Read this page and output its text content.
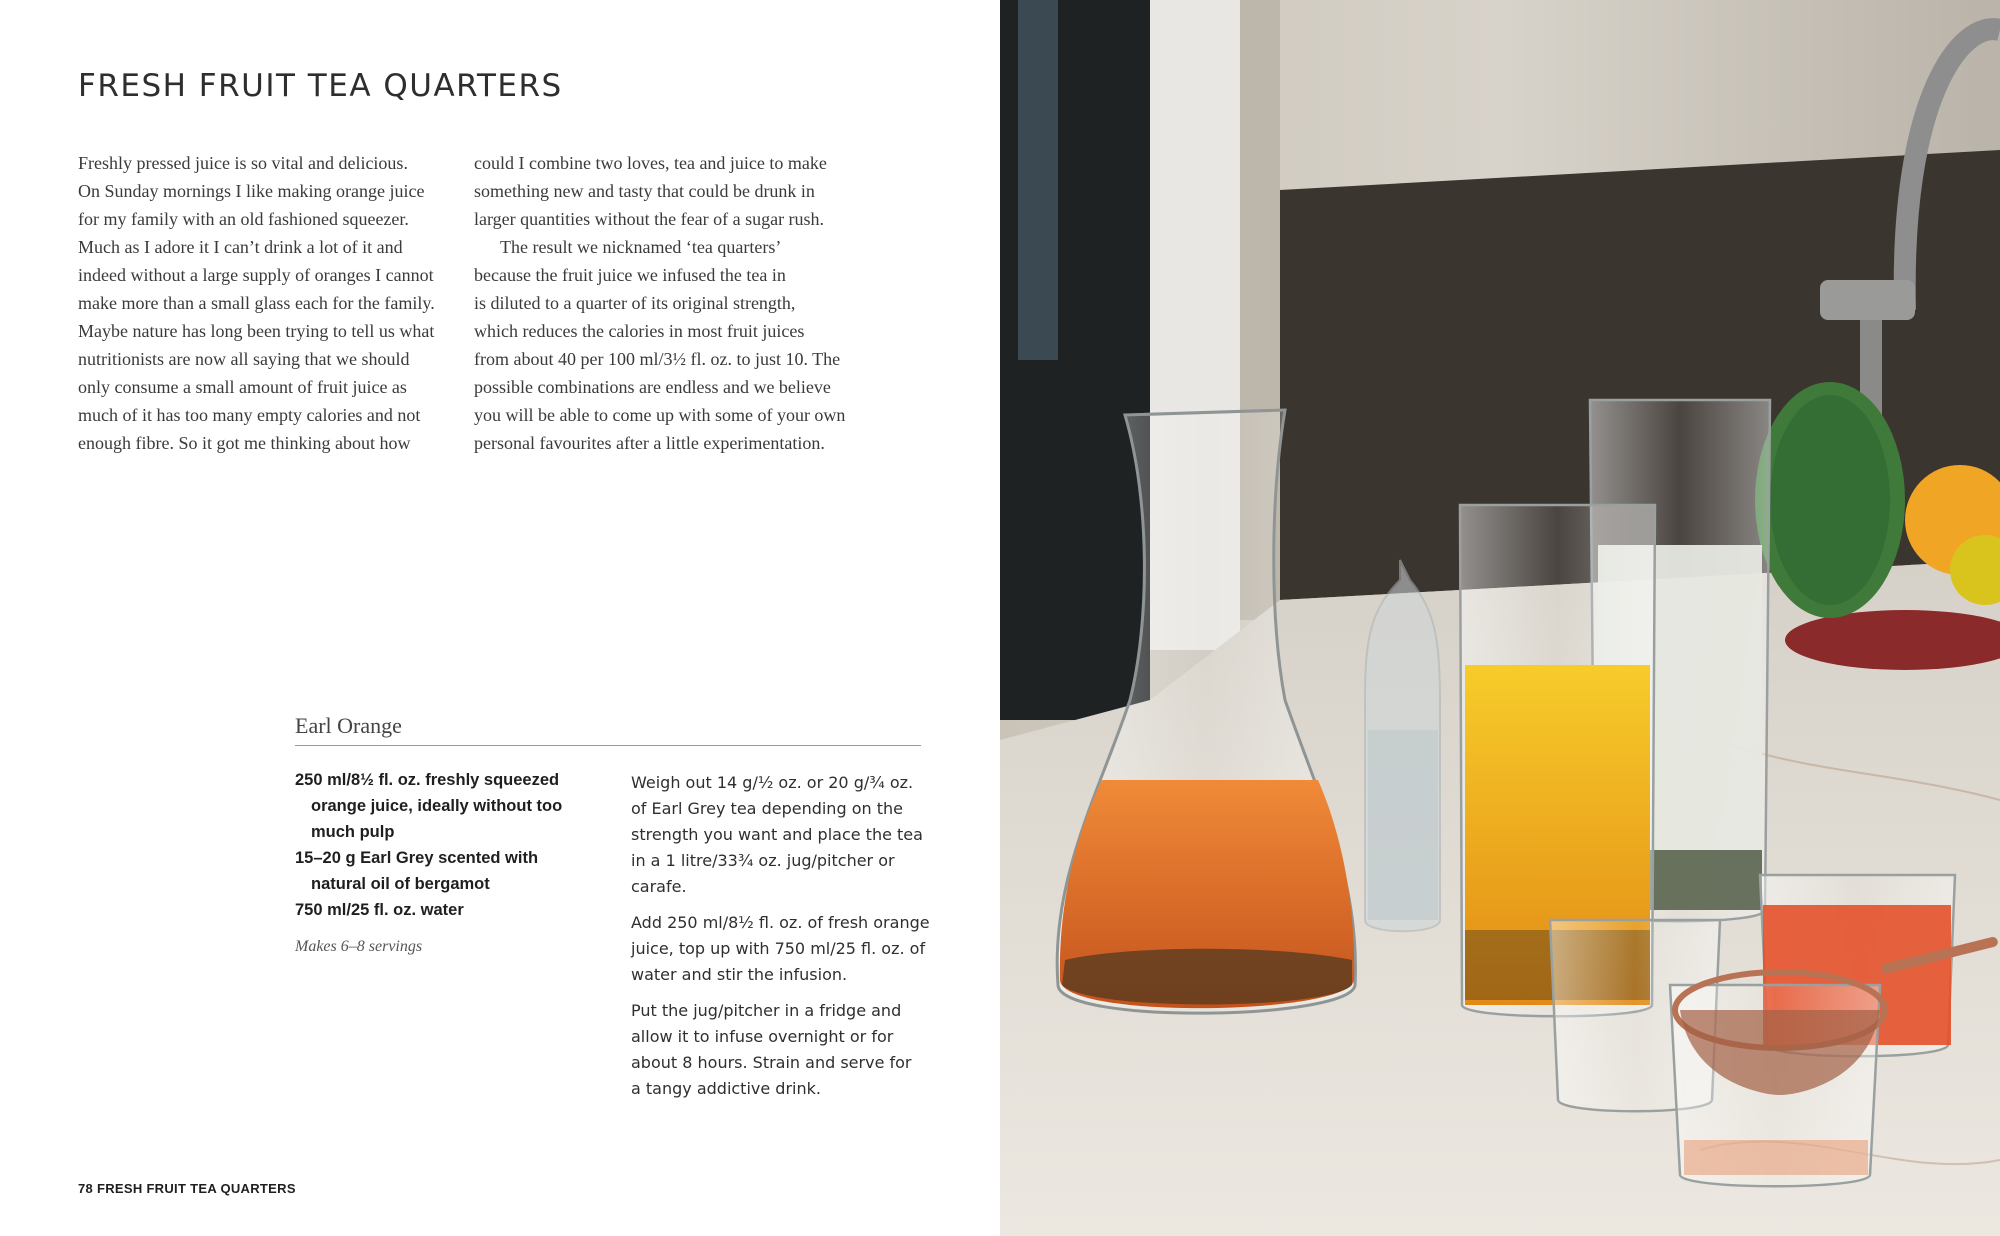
FRESH FRUIT TEA QUARTERS
Freshly pressed juice is so vital and delicious.
On Sunday mornings I like making orange juice
for my family with an old fashioned squeezer.
Much as I adore it I can’t drink a lot of it and
indeed without a large supply of oranges I cannot
make more than a small glass each for the family.
Maybe nature has long been trying to tell us what
nutritionists are now all saying that we should
only consume a small amount of fruit juice as
much of it has too many empty calories and not
enough fibre. So it got me thinking about how
could I combine two loves, tea and juice to make
something new and tasty that could be drunk in
larger quantities without the fear of a sugar rush.
The result we nicknamed ‘tea quarters’
because the fruit juice we infused the tea in
is diluted to a quarter of its original strength,
which reduces the calories in most fruit juices
from about 40 per 100 ml/3½ fl. oz. to just 10. The
possible combinations are endless and we believe
you will be able to come up with some of your own
personal favourites after a little experimentation.
Earl Orange
250 ml/8½ fl. oz. freshly squeezed
orange juice, ideally without too
much pulp
15–20 g Earl Grey scented with
natural oil of bergamot
750 ml/25 fl. oz. water
Makes 6–8 servings

Weigh out 14 g/½ oz. or 20 g/¾ oz.
of Earl Grey tea depending on the
strength you want and place the tea
in a 1 litre/33¾ oz. jug/pitcher or
carafe.

Add 250 ml/8½ fl. oz. of fresh orange
juice, top up with 750 ml/25 fl. oz. of
water and stir the infusion.

Put the jug/pitcher in a fridge and
allow it to infuse overnight or for
about 8 hours. Strain and serve for
a tangy addictive drink.

78 FRESH FRUIT TEA QUARTERS
